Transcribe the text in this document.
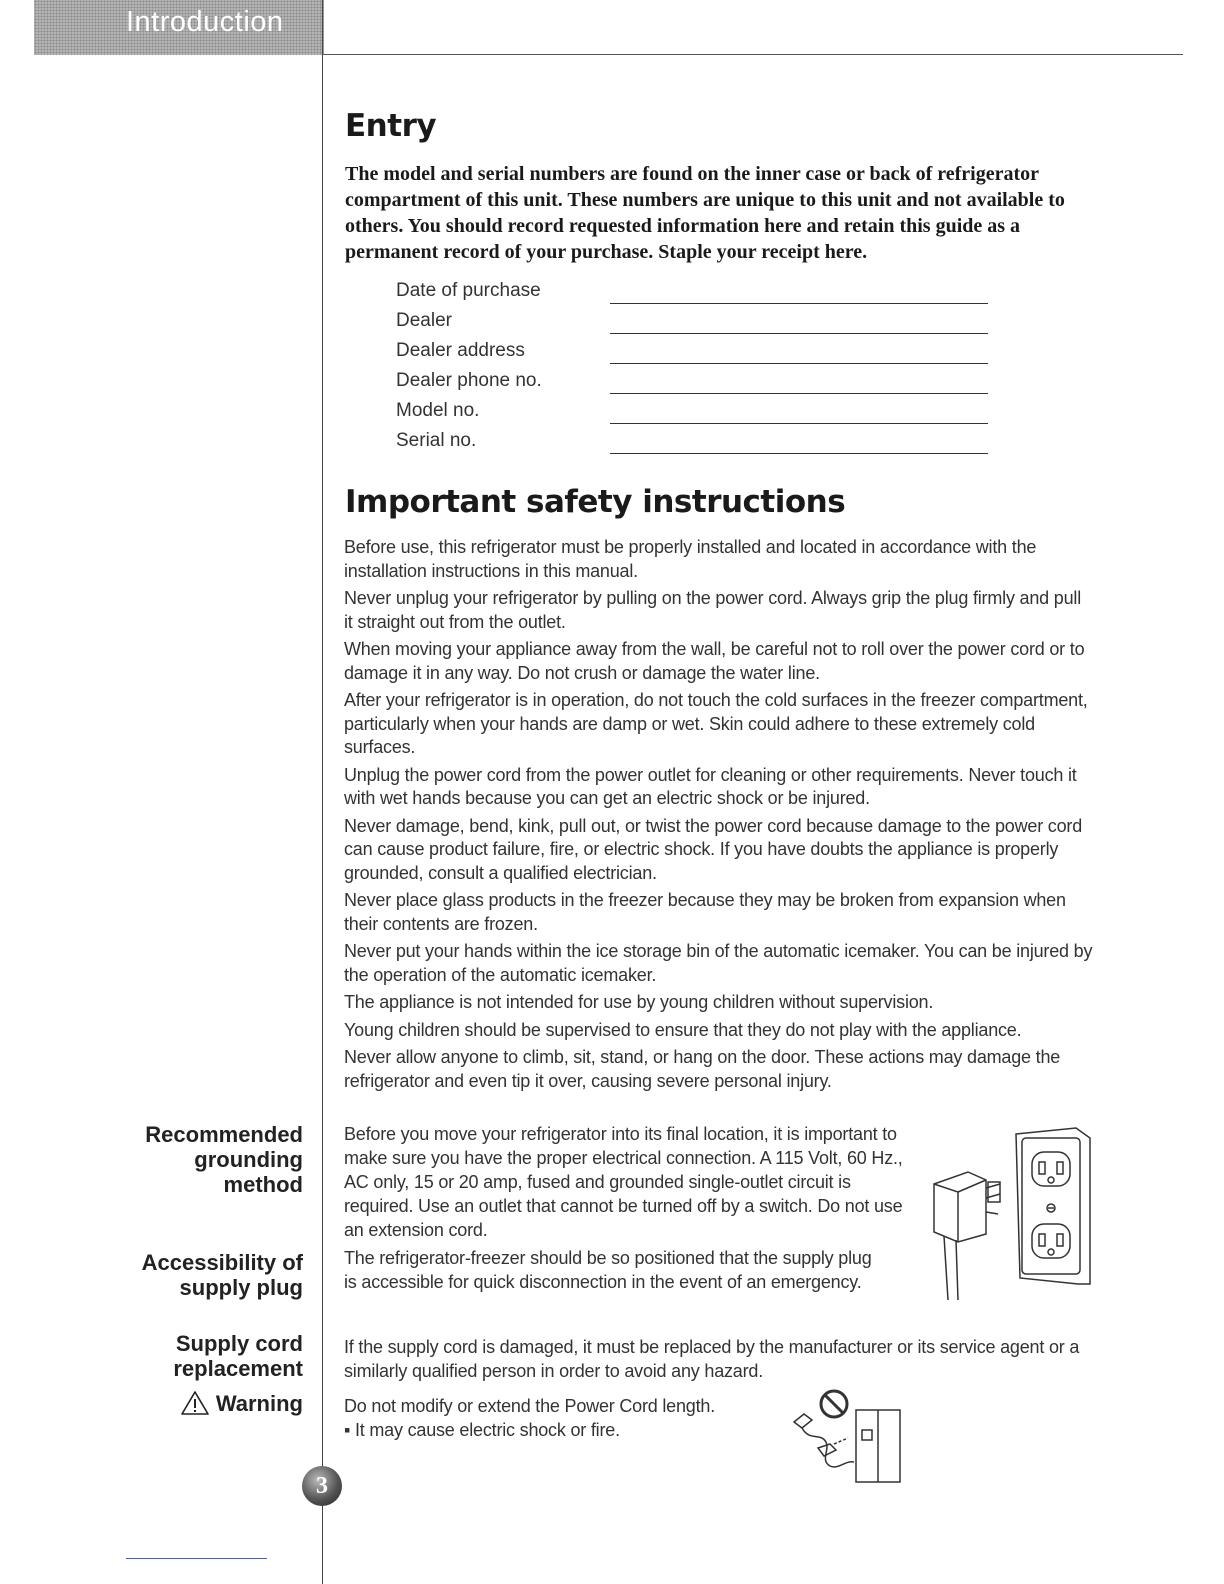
Introduction
Entry

The model and serial numbers are found on the inner case or back of refrigerator compartment of this unit. These numbers are unique to this unit and not available to others. You should record requested information here and retain this guide as a permanent record of your purchase. Staple your receipt here.

Date of purchase
Dealer
Dealer address
Dealer phone no.
Model no.
Serial no.
Important safety instructions

Before use, this refrigerator must be properly installed and located in accordance with the installation instructions in this manual.

Never unplug your refrigerator by pulling on the power cord. Always grip the plug firmly and pull it straight out from the outlet.

When moving your appliance away from the wall, be careful not to roll over the power cord or to damage it in any way. Do not crush or damage the water line.

After your refrigerator is in operation, do not touch the cold surfaces in the freezer compartment, particularly when your hands are damp or wet. Skin could adhere to these extremely cold surfaces.

Unplug the power cord from the power outlet for cleaning or other requirements. Never touch it with wet hands because you can get an electric shock or be injured.

Never damage, bend, kink, pull out, or twist the power cord because damage to the power cord can cause product failure, fire, or electric shock. If you have doubts the appliance is properly grounded, consult a qualified electrician.

Never place glass products in the freezer because they may be broken from expansion when their contents are frozen.

Never put your hands within the ice storage bin of the automatic icemaker. You can be injured by the operation of the automatic icemaker.

The appliance is not intended for use by young children without supervision.

Young children should be supervised to ensure that they do not play with the appliance.

Never allow anyone to climb, sit, stand, or hang on the door. These actions may damage the refrigerator and even tip it over, causing severe personal injury.

Recommended
grounding
method
Accessibility of
supply plug
Supply cord
replacement
Warning

Before you move your refrigerator into its final location, it is important to make sure you have the proper electrical connection. A 115 Volt, 60 Hz., AC only, 15 or 20 amp, fused and grounded single-outlet circuit is required. Use an outlet that cannot be turned off by a switch. Do not use an extension cord.

The refrigerator-freezer should be so positioned that the supply plug is accessible for quick disconnection in the event of an emergency.

If the supply cord is damaged, it must be replaced by the manufacturer or its service agent or a similarly qualified person in order to avoid any hazard.

Do not modify or extend the Power Cord length.

▪ It may cause electric shock or fire.

3
